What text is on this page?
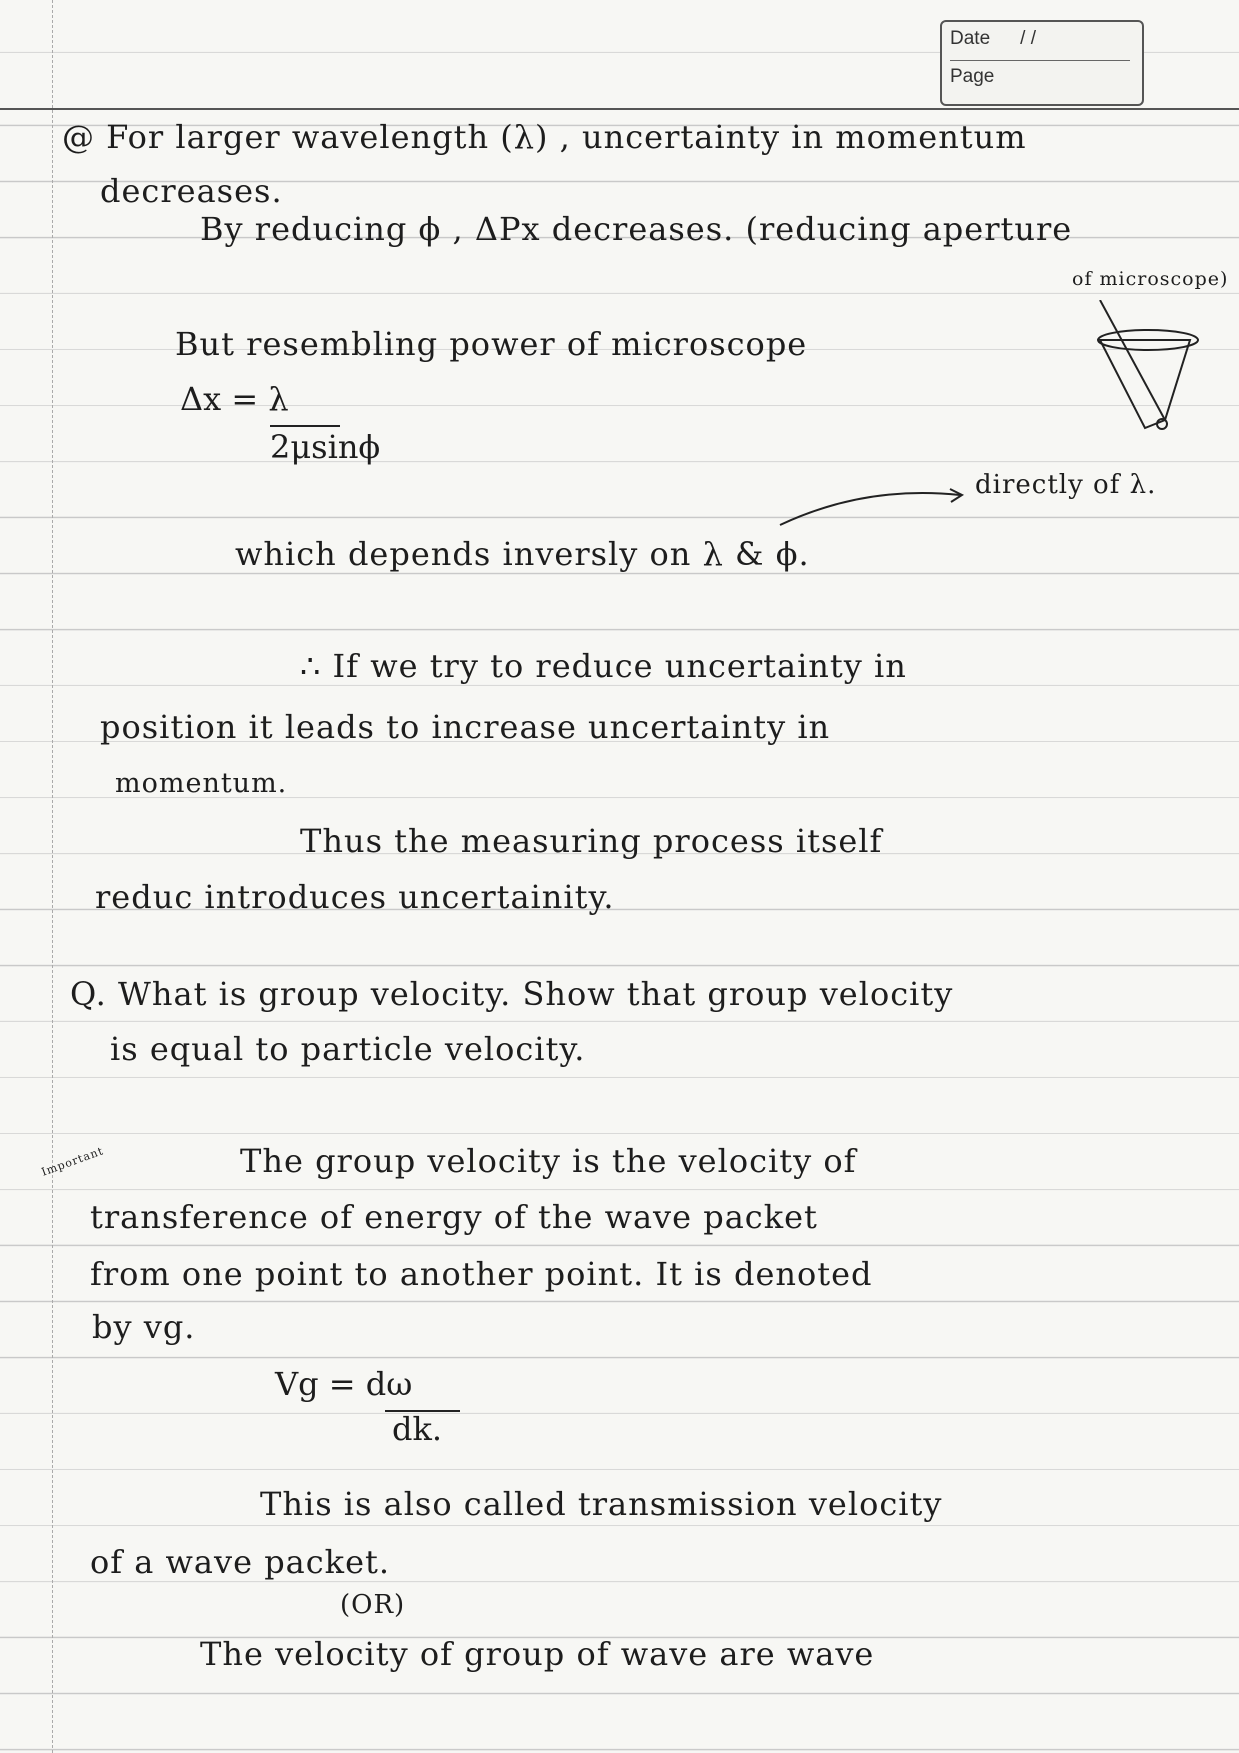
Date / /
Page
@ For larger wavelength (λ) , uncertainty in momentum
decreases.
By reducing ϕ , ΔPx decreases. (reducing aperture
of microscope)
But resembling power of microscope
Δx = λ
2μsinϕ
directly of λ.
which depends inversly on λ & ϕ.
∴ If we try to reduce uncertainty in
position it leads to increase uncertainty in
momentum.
Thus the measuring process itself
reduc introduces uncertainity.
Q. What is group velocity. Show that group velocity
is equal to particle velocity.
Important	The group velocity is the velocity of
transference of energy of the wave packet
from one point to another point. It is denoted
by vg.
Vg = dω
dk.
This is also called transmission velocity
of a wave packet.
(OR)
The velocity of group of wave are wave
